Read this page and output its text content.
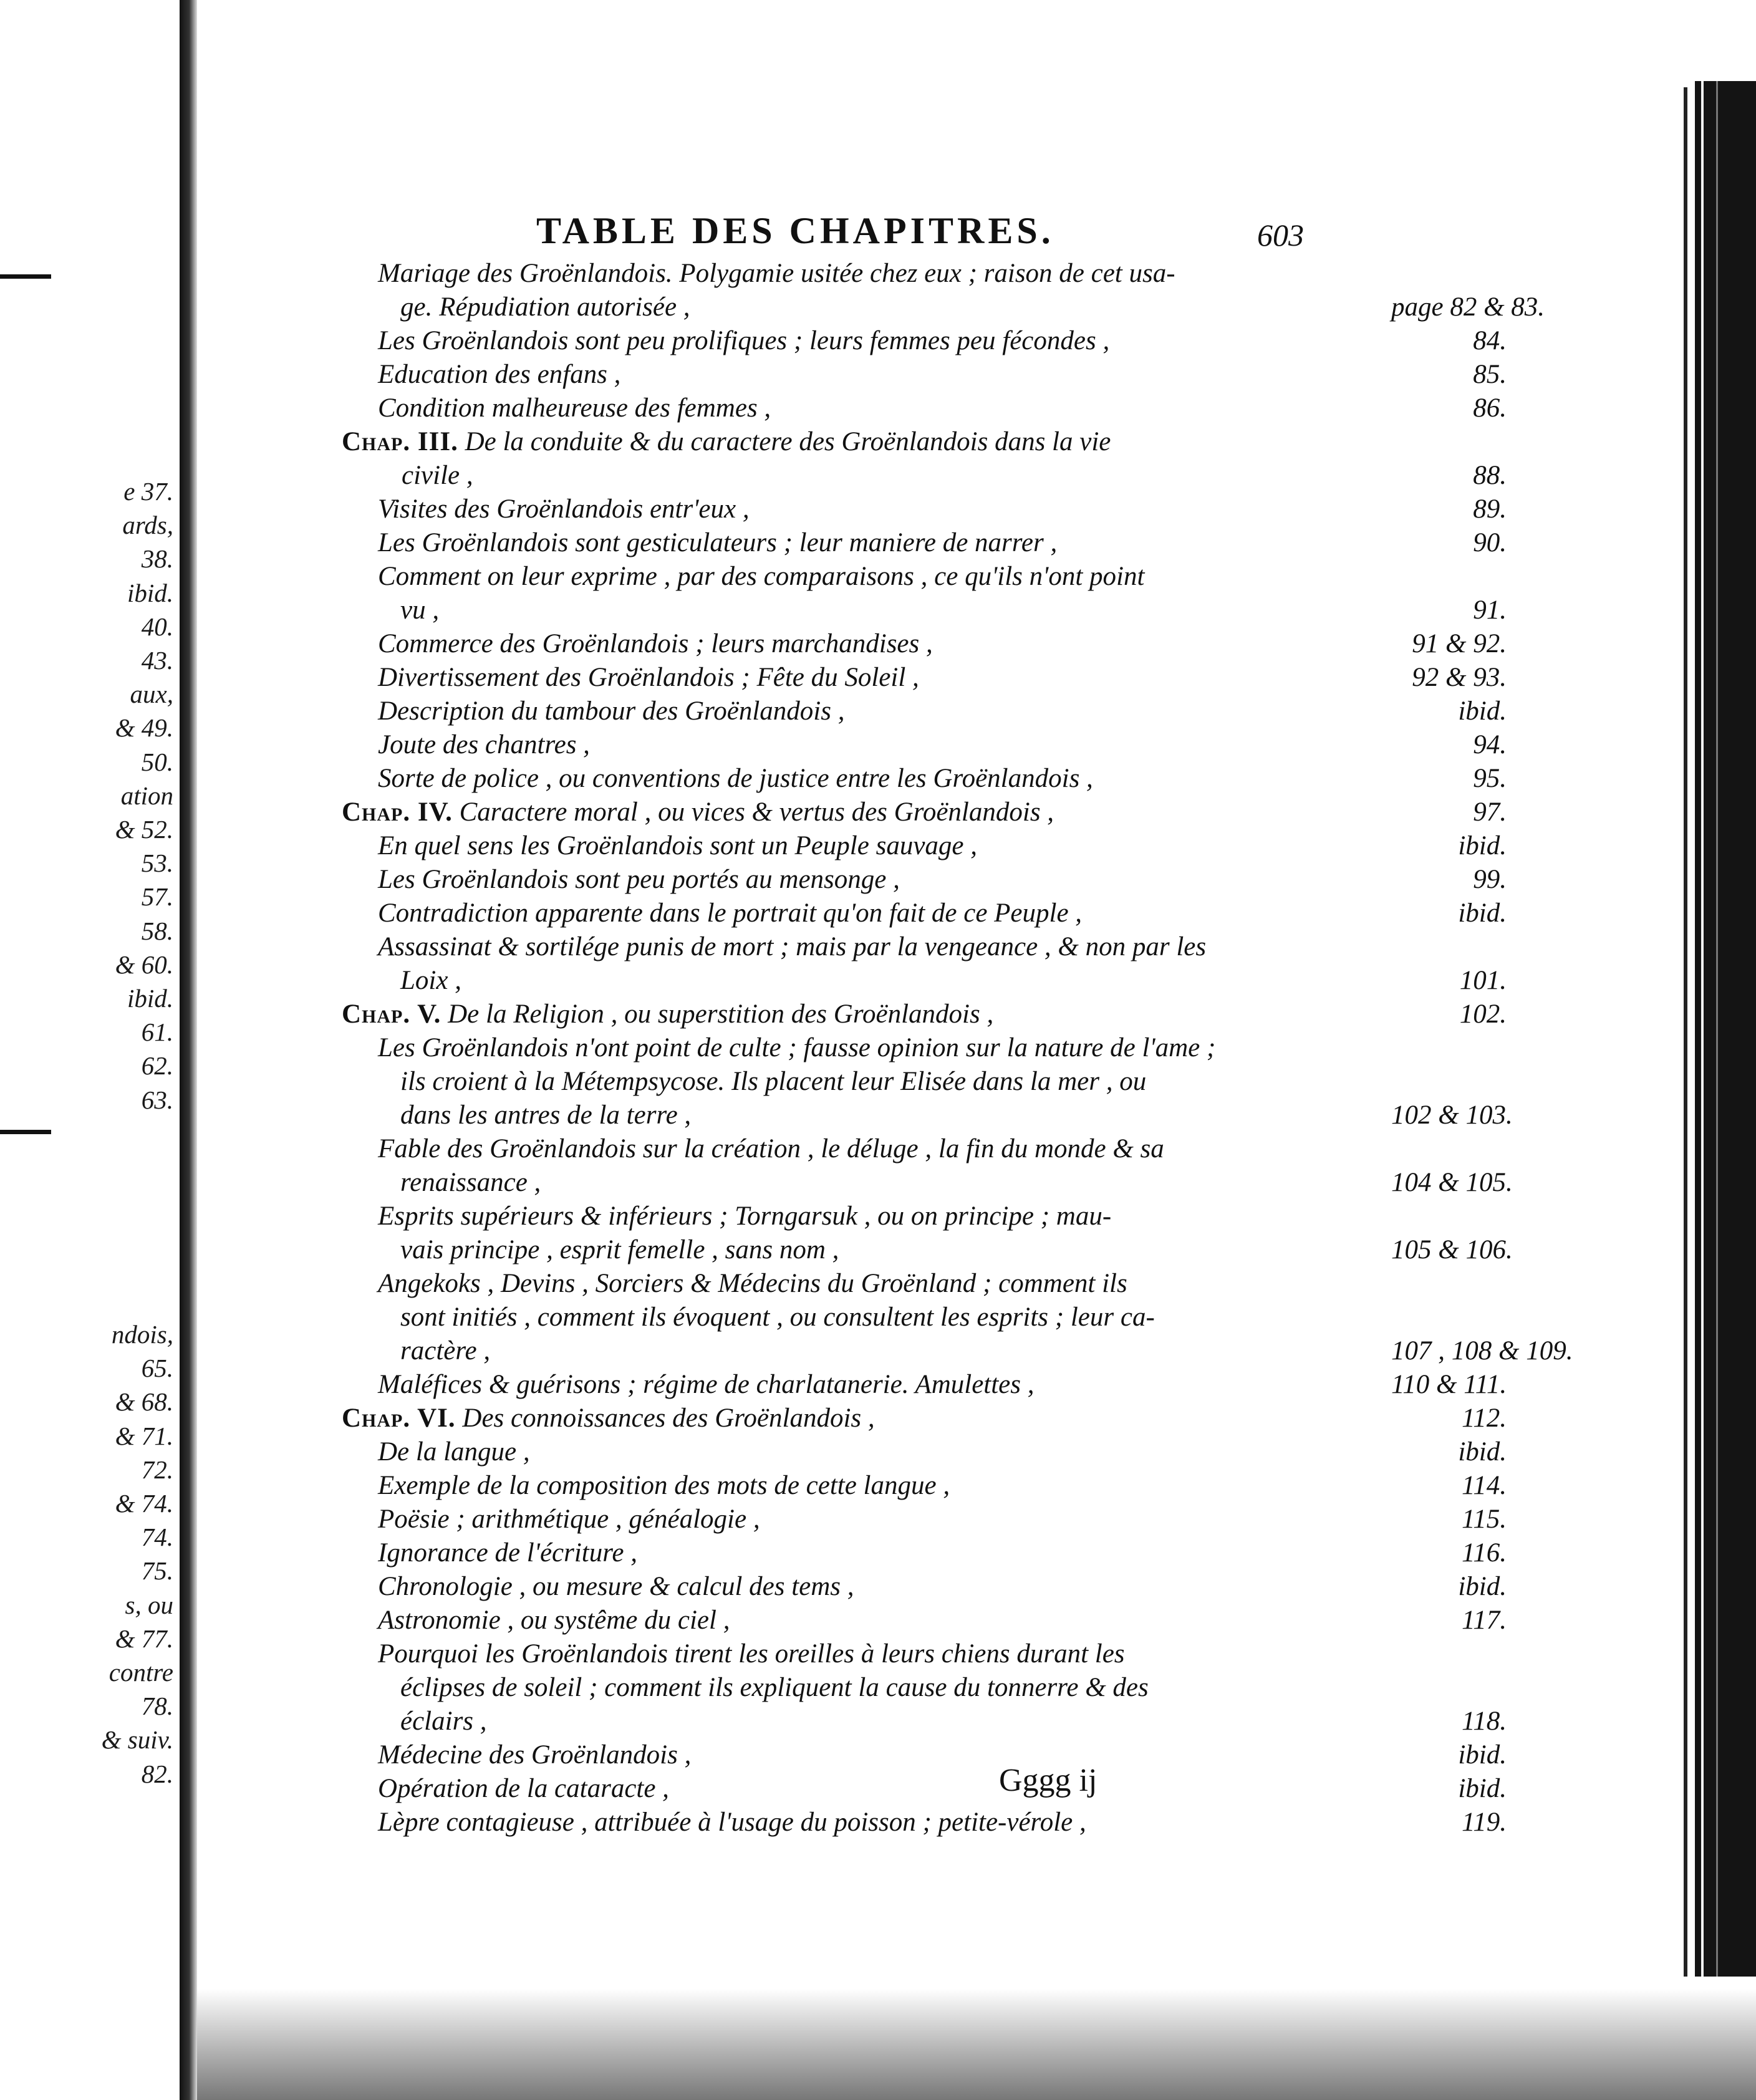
e 37.

ards,

38.

ibid.

40.

43.

aux,

& 49.

50.

ation

& 52.

53.

57.

58.

& 60.

ibid.

61.

62.

63.

ndois,

65.

& 68.

& 71.

72.

& 74.

74.

75.

s, ou

& 77.

contre

78.

& suiv.

82.

TABLE DES CHAPITRES.	603

Mariage des Groënlandois. Polygamie usitée chez eux ; raison de cet usa-
ge. Répudiation autorisée ,	page 82 & 83.
Les Groënlandois sont peu prolifiques ; leurs femmes peu fécondes ,	84.
Education des enfans ,	85.
Condition malheureuse des femmes ,	86.
Chap. III. De la conduite & du caractere des Groënlandois dans la vie
civile ,	88.
Visites des Groënlandois entr'eux ,	89.
Les Groënlandois sont gesticulateurs ; leur maniere de narrer ,	90.
Comment on leur exprime , par des comparaisons , ce qu'ils n'ont point
vu ,	91.
Commerce des Groënlandois ; leurs marchandises ,	91 & 92.
Divertissement des Groënlandois ; Fête du Soleil ,	92 & 93.
Description du tambour des Groënlandois ,	ibid.
Joute des chantres ,	94.
Sorte de police , ou conventions de justice entre les Groënlandois ,	95.
Chap. IV. Caractere moral , ou vices & vertus des Groënlandois ,	97.
En quel sens les Groënlandois sont un Peuple sauvage ,	ibid.
Les Groënlandois sont peu portés au mensonge ,	99.
Contradiction apparente dans le portrait qu'on fait de ce Peuple ,	ibid.
Assassinat & sortilége punis de mort ; mais par la vengeance , & non par les
Loix ,	101.
Chap. V. De la Religion , ou superstition des Groënlandois ,	102.
Les Groënlandois n'ont point de culte ; fausse opinion sur la nature de l'ame ;
ils croient à la Métempsycose. Ils placent leur Elisée dans la mer , ou
dans les antres de la terre ,	102 & 103.
Fable des Groënlandois sur la création , le déluge , la fin du monde & sa
renaissance ,	104 & 105.
Esprits supérieurs & inférieurs ; Torngarsuk , ou on principe ; mau-
vais principe , esprit femelle , sans nom ,	105 & 106.
Angekoks , Devins , Sorciers & Médecins du Groënland ; comment ils
sont initiés , comment ils évoquent , ou consultent les esprits ; leur ca-
ractère ,	107 , 108 & 109.
Maléfices & guérisons ; régime de charlatanerie. Amulettes ,	110 & 111.
Chap. VI. Des connoissances des Groënlandois ,	112.
De la langue ,	ibid.
Exemple de la composition des mots de cette langue ,	114.
Poësie ; arithmétique , généalogie ,	115.
Ignorance de l'écriture ,	116.
Chronologie , ou mesure & calcul des tems ,	ibid.
Astronomie , ou systême du ciel ,	117.
Pourquoi les Groënlandois tirent les oreilles à leurs chiens durant les
éclipses de soleil ; comment ils expliquent la cause du tonnerre & des
éclairs ,	118.
Médecine des Groënlandois ,	ibid.
Opération de la cataracte ,	ibid.
Lèpre contagieuse , attribuée à l'usage du poisson ; petite-vérole ,	119.

Gggg ij
